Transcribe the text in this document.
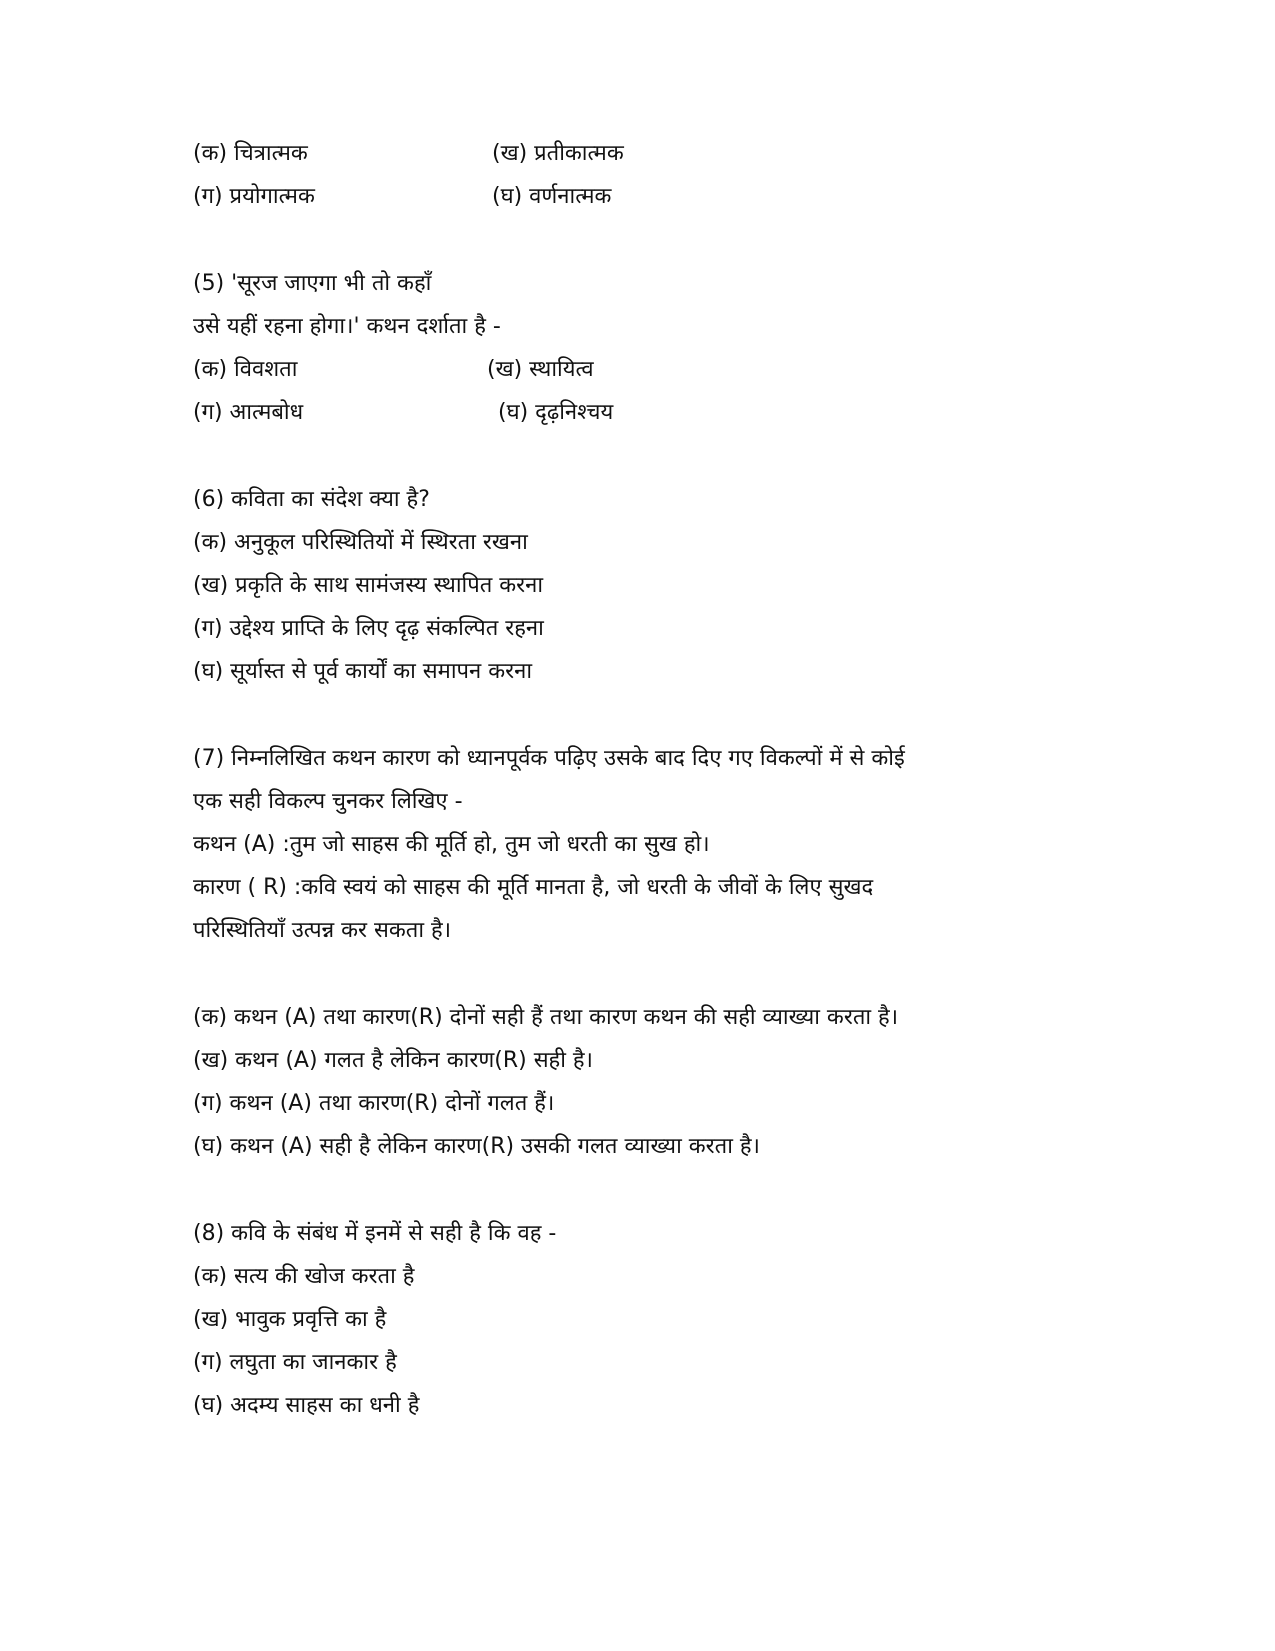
(क) चित्रात्मक	(ख) प्रतीकात्मक
(ग) प्रयोगात्मक	(घ) वर्णनात्मक
(5) 'सूरज जाएगा भी तो कहाँ
उसे यहीं रहना होगा।' कथन दर्शाता है -
(क) विवशता	(ख) स्थायित्व
(ग) आत्मबोध	(घ) दृढ़निश्चय
(6) कविता का संदेश क्या है?
(क) अनुकूल परिस्थितियों में स्थिरता रखना
(ख) प्रकृति के साथ सामंजस्य स्थापित करना
(ग) उद्देश्य प्राप्ति के लिए दृढ़ संकल्पित रहना
(घ) सूर्यास्त से पूर्व कार्यों का समापन करना
(7) निम्नलिखित कथन कारण को ध्यानपूर्वक पढ़िए उसके बाद दिए गए विकल्पों में से कोई
एक सही विकल्प चुनकर लिखिए -
कथन (A) :तुम जो साहस की मूर्ति हो, तुम जो धरती का सुख हो।
कारण ( R) :कवि स्वयं को साहस की मूर्ति मानता है, जो धरती के जीवों के लिए सुखद
परिस्थितियाँ उत्पन्न कर सकता है।
(क) कथन (A) तथा कारण(R) दोनों सही हैं तथा कारण कथन की सही व्याख्या करता है।
(ख) कथन (A) गलत है लेकिन कारण(R) सही है।
(ग) कथन (A) तथा कारण(R) दोनों गलत हैं।
(घ) कथन (A) सही है लेकिन कारण(R) उसकी गलत व्याख्या करता है।
(8) कवि के संबंध में इनमें से सही है कि वह -
(क) सत्य की खोज करता है
(ख) भावुक प्रवृत्ति का है
(ग) लघुता का जानकार है
(घ) अदम्य साहस का धनी है
